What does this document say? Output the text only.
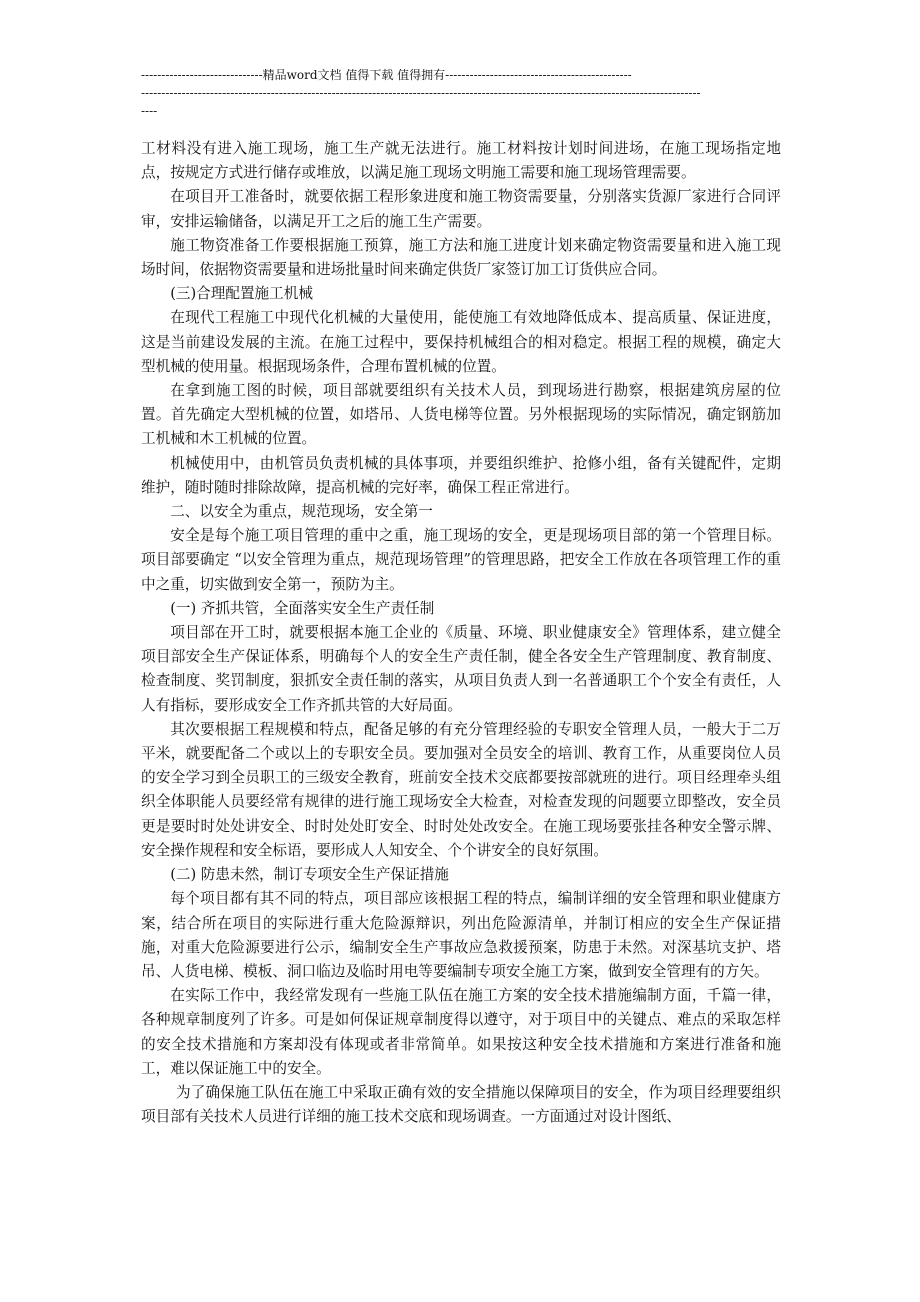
------------------------------精品word文档 值得下载 值得拥有----------------------------------------------
------------------------------------------------------------------------------------------------------------------------------------------
----

工材料没有进入施工现场，施工生产就无法进行。施工材料按计划时间进场，在施工现场指定地点，按规定方式进行储存或堆放，以满足施工现场文明施工需要和施工现场管理需要。

在项目开工准备时，就要依据工程形象进度和施工物资需要量，分别落实货源厂家进行合同评审，安排运输储备，以满足开工之后的施工生产需要。

施工物资准备工作要根据施工预算，施工方法和施工进度计划来确定物资需要量和进入施工现场时间，依据物资需要量和进场批量时间来确定供货厂家签订加工订货供应合同。

(三)合理配置施工机械

在现代工程施工中现代化机械的大量使用，能使施工有效地降低成本、提高质量、保证进度，这是当前建设发展的主流。在施工过程中，要保持机械组合的相对稳定。根据工程的规模，确定大型机械的使用量。根据现场条件，合理布置机械的位置。

在拿到施工图的时候，项目部就要组织有关技术人员，到现场进行勘察，根据建筑房屋的位置。首先确定大型机械的位置，如塔吊、人货电梯等位置。另外根据现场的实际情况，确定钢筋加工机械和木工机械的位置。

机械使用中，由机管员负责机械的具体事项，并要组织维护、抢修小组，备有关键配件，定期维护，随时随时排除故障，提高机械的完好率，确保工程正常进行。

二、以安全为重点，规范现场，安全第一

安全是每个施工项目管理的重中之重，施工现场的安全，更是现场项目部的第一个管理目标。项目部要确定 “以安全管理为重点，规范现场管理”的管理思路，把安全工作放在各项管理工作的重中之重，切实做到安全第一，预防为主。

(一) 齐抓共管，全面落实安全生产责任制

项目部在开工时，就要根据本施工企业的《质量、环境、职业健康安全》管理体系，建立健全项目部安全生产保证体系，明确每个人的安全生产责任制，健全各安全生产管理制度、教育制度、检查制度、奖罚制度，狠抓安全责任制的落实，从项目负责人到一名普通职工个个安全有责任，人人有指标，要形成安全工作齐抓共管的大好局面。

其次要根据工程规模和特点，配备足够的有充分管理经验的专职安全管理人员，一般大于二万平米，就要配备二个或以上的专职安全员。要加强对全员安全的培训、教育工作，从重要岗位人员的安全学习到全员职工的三级安全教育，班前安全技术交底都要按部就班的进行。项目经理牵头组织全体职能人员要经常有规律的进行施工现场安全大检查，对检查发现的问题要立即整改，安全员更是要时时处处讲安全、时时处处盯安全、时时处处改安全。在施工现场要张挂各种安全警示牌、安全操作规程和安全标语，要形成人人知安全、个个讲安全的良好氛围。

(二) 防患未然，制订专项安全生产保证措施

每个项目都有其不同的特点，项目部应该根据工程的特点，编制详细的安全管理和职业健康方案，结合所在项目的实际进行重大危险源辩识，列出危险源清单，并制订相应的安全生产保证措施，对重大危险源要进行公示，编制安全生产事故应急救援预案，防患于未然。对深基坑支护、塔吊、人货电梯、模板、洞口临边及临时用电等要编制专项安全施工方案，做到安全管理有的方矢。

在实际工作中，我经常发现有一些施工队伍在施工方案的安全技术措施编制方面，千篇一律，各种规章制度列了许多。可是如何保证规章制度得以遵守，对于项目中的关键点、难点的采取怎样的安全技术措施和方案却没有体现或者非常简单。如果按这种安全技术措施和方案进行准备和施工，难以保证施工中的安全。

为了确保施工队伍在施工中采取正确有效的安全措施以保障项目的安全，作为项目经理要组织项目部有关技术人员进行详细的施工技术交底和现场调查。一方面通过对设计图纸、
